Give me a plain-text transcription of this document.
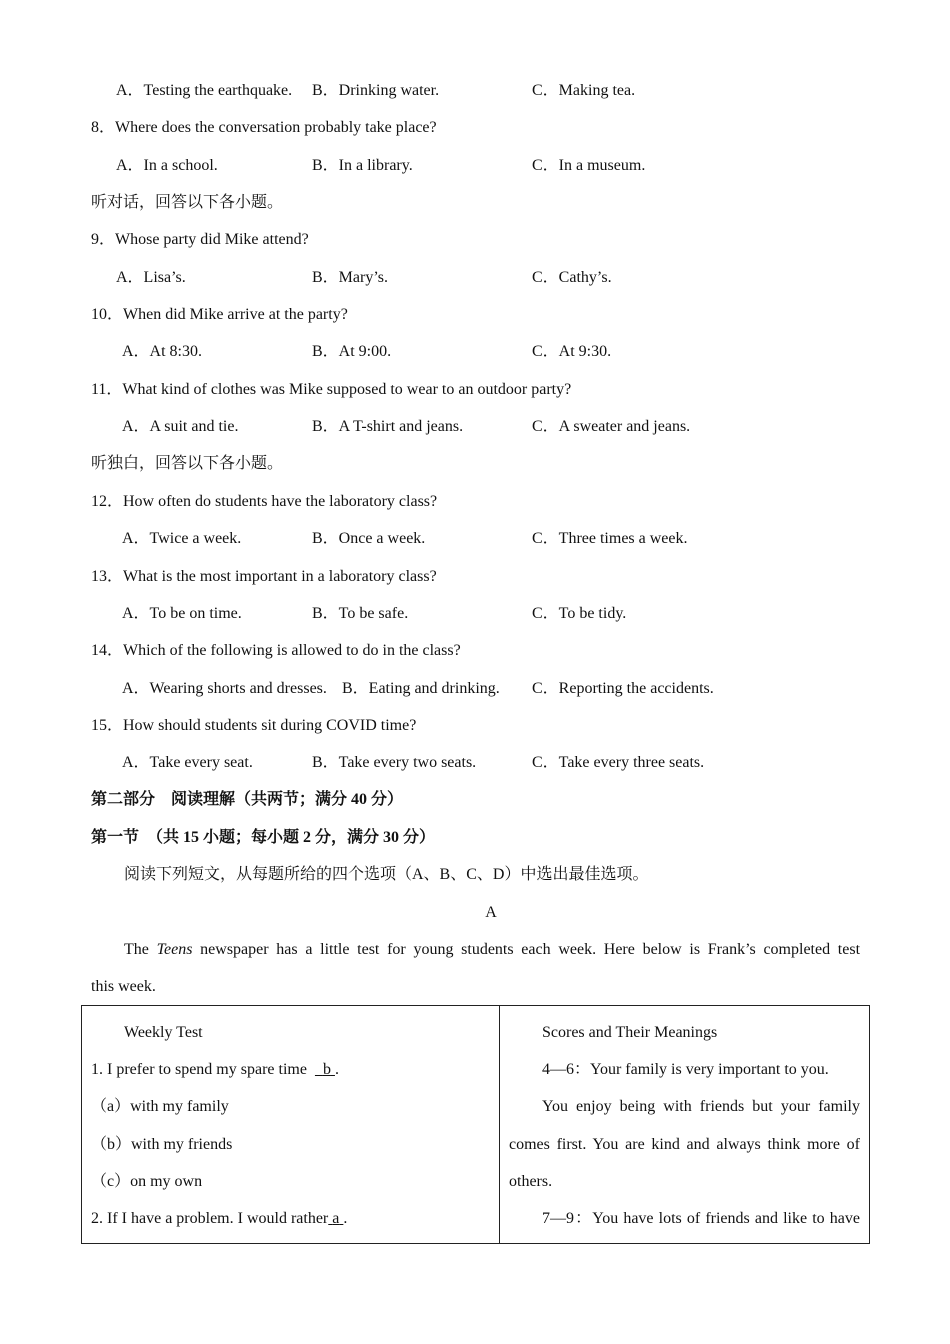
A．Testing the earthquake. B．Drinking water.	C．Making tea.
8．Where does the conversation probably take place?
A．In a school.	B．In a library.	C．In a museum.
听对话，回答以下各小题。
9．Whose party did Mike attend?
A．Lisa’s.	B．Mary’s.	C．Cathy’s.
10．When did Mike arrive at the party?
A．At 8:30.	B．At 9:00.	C．At 9:30.
11．What kind of clothes was Mike supposed to wear to an outdoor party?
A．A suit and tie.	B．A T-shirt and jeans.	C．A sweater and jeans.
听独白，回答以下各小题。
12．How often do students have the laboratory class?
A．Twice a week.	B．Once a week.	C．Three times a week.
13．What is the most important in a laboratory class?
A．To be on time.	B．To be safe.	C．To be tidy.
14．Which of the following is allowed to do in the class?
A．Wearing shorts and dresses. B．Eating and drinking. C．Reporting the accidents.
15．How should students sit during COVID time?
A．Take every seat.	B．Take every two seats.	C．Take every three seats.
第二部分　阅读理解（共两节；满分 40 分）
第一节　（共 15 小题；每小题 2 分，满分 30 分）
阅读下列短文，从每题所给的四个选项（A、B、C、D）中选出最佳选项。
A
The Teens newspaper has a little test for young students each week. Here below is Frank’s completed test
this week.
Weekly Test
1. I prefer to spend my spare time b .
（a）with my family
（b）with my friends
（c）on my own
2. If I have a problem. I would rather a .

Scores and Their Meanings
4—6：Your family is very important to you.
You enjoy being with friends but your family
comes first. You are kind and always think more of
others.
7—9：You have lots of friends and like to have
